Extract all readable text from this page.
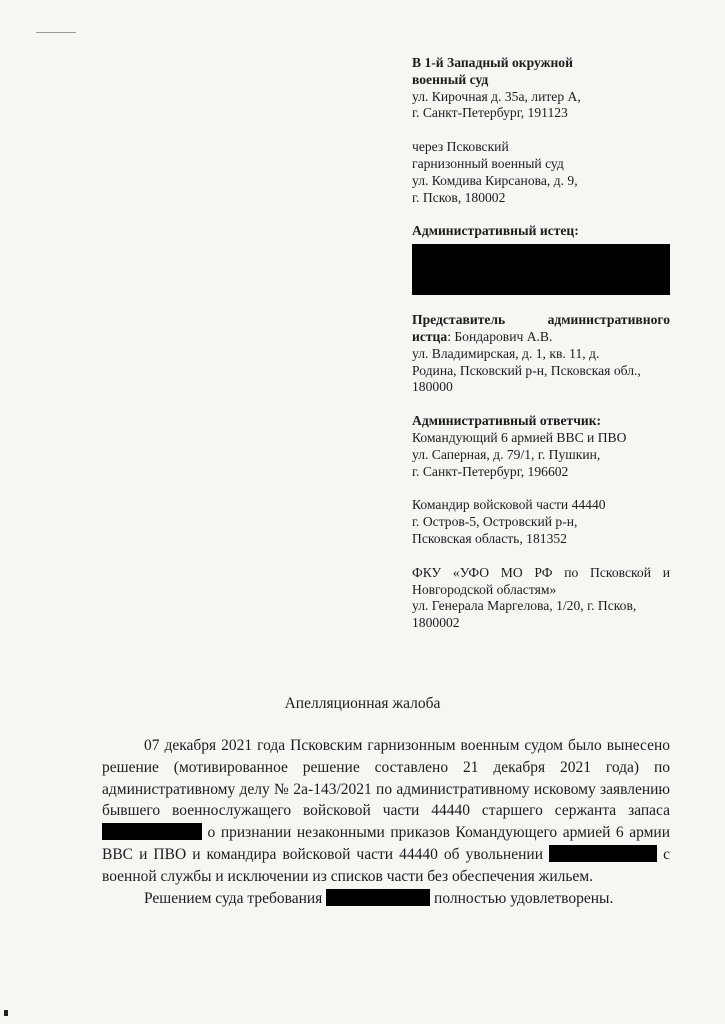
В 1-й Западный окружной

военный суд

ул. Кирочная д. 35а, литер А,

г. Санкт-Петербург, 191123

через Псковский

гарнизонный военный суд

ул. Комдива Кирсанова, д. 9,

г. Псков, 180002

Административный истец:

Представитель административного

истца: Бондарович А.В.

ул. Владимирская, д. 1, кв. 11, д.

Родина, Псковский р-н, Псковская обл.,

180000

Административный ответчик:

Командующий 6 армией ВВС и ПВО

ул. Саперная, д. 79/1, г. Пушкин,

г. Санкт-Петербург, 196602

Командир войсковой части 44440

г. Остров-5, Островский р-н,

Псковская область, 181352

ФКУ «УФО МО РФ по Псковской и

Новгородской областям»

ул. Генерала Маргелова, 1/20, г. Псков,

1800002

Апелляционная жалоба

07 декабря 2021 года Псковским гарнизонным военным судом было вынесено решение (мотивированное решение составлено 21 декабря 2021 года) по административному делу № 2а-143/2021 по административному исковому заявлению бывшего военнослужащего войсковой части 44440 старшего сержанта запаса  о признании незаконными приказов Командующего армией 6 армии ВВС и ПВО и командира войсковой части 44440 об увольнении	с военной службы и исключении из списков части без обеспечения жильем.

Решением суда требования	полностью удовлетворены.
